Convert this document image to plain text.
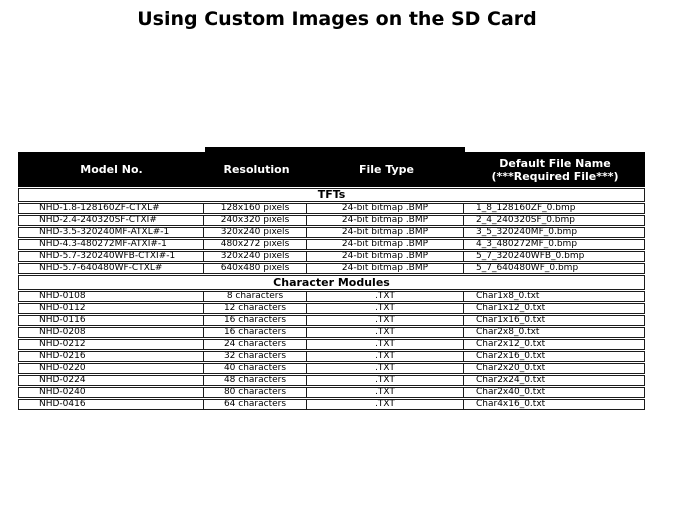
Using Custom Images on the SD Card
Model No.	Resolution	File Type	Default File Name
(***Required File***)
TFTs
NHD-1.8-128160ZF-CTXL#	128x160 pixels	24-bit bitmap .BMP	1_8_128160ZF_0.bmp
NHD-2.4-240320SF-CTXI#	240x320 pixels	24-bit bitmap .BMP	2_4_240320SF_0.bmp
NHD-3.5-320240MF-ATXL#-1	320x240 pixels	24-bit bitmap .BMP	3_5_320240MF_0.bmp
NHD-4.3-480272MF-ATXI#-1	480x272 pixels	24-bit bitmap .BMP	4_3_480272MF_0.bmp
NHD-5.7-320240WFB-CTXI#-1	320x240 pixels	24-bit bitmap .BMP	5_7_320240WFB_0.bmp
NHD-5.7-640480WF-CTXL#	640x480 pixels	24-bit bitmap .BMP	5_7_640480WF_0.bmp
Character Modules
NHD-0108	8 characters	.TXT	Char1x8_0.txt
NHD-0112	12 characters	.TXT	Char1x12_0.txt
NHD-0116	16 characters	.TXT	Char1x16_0.txt
NHD-0208	16 characters	.TXT	Char2x8_0.txt
NHD-0212	24 characters	.TXT	Char2x12_0.txt
NHD-0216	32 characters	.TXT	Char2x16_0.txt
NHD-0220	40 characters	.TXT	Char2x20_0.txt
NHD-0224	48 characters	.TXT	Char2x24_0.txt
NHD-0240	80 characters	.TXT	Char2x40_0.txt
NHD-0416	64 characters	.TXT	Char4x16_0.txt
